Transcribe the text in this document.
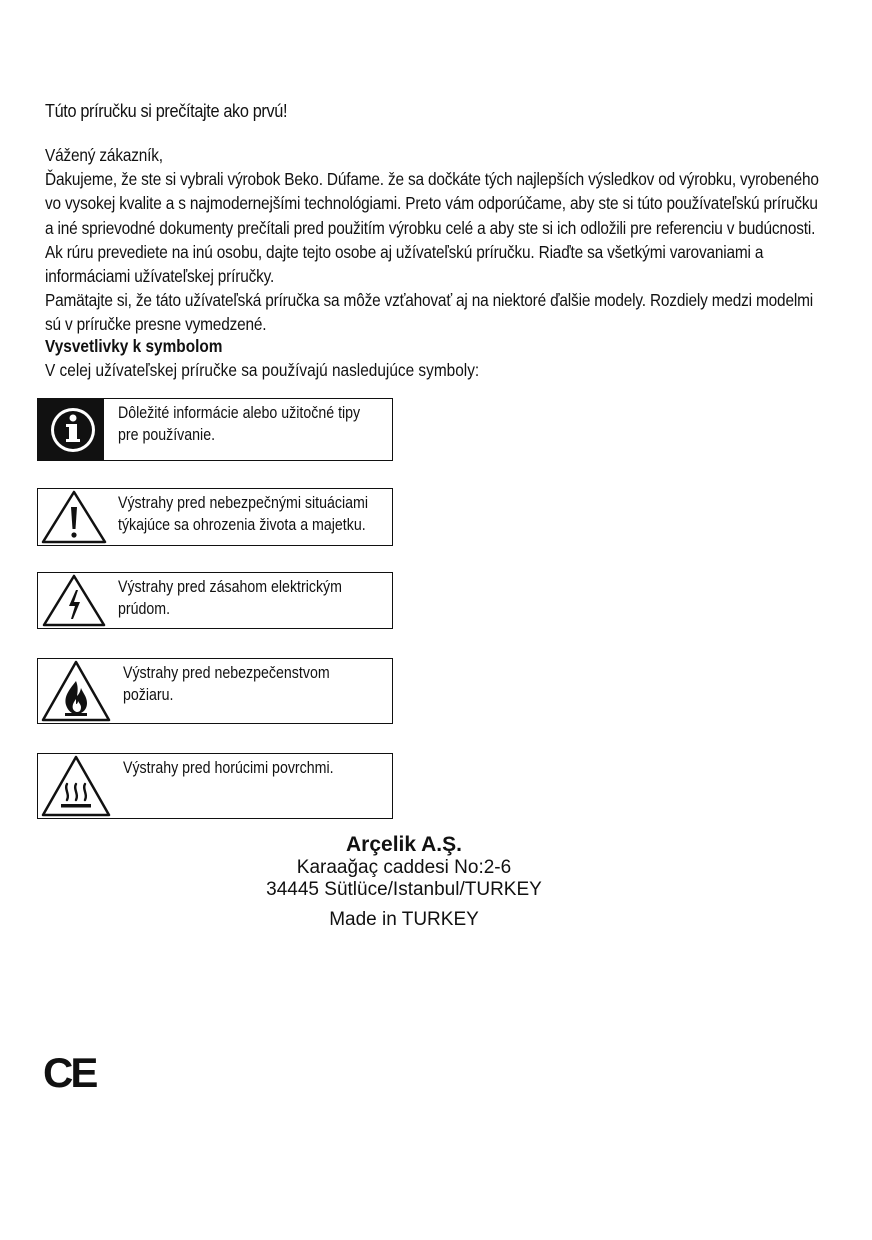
Túto príručku si prečítajte ako prvú!

Vážený zákazník,

Ďakujeme, že ste si vybrali výrobok Beko. Dúfame. že sa dočkáte tých najlepších výsledkov od výrobku, vyrobeného vo vysokej kvalite a s najmodernejšími technológiami. Preto vám odporúčame, aby ste si túto používateľskú príručku a iné sprievodné dokumenty prečítali pred použitím výrobku celé a aby ste si ich odložili pre referenciu v budúcnosti. Ak rúru prevediete na inú osobu, dajte tejto osobe aj užívateľskú príručku. Riaďte sa všetkými varovaniami a informáciami užívateľskej príručky.

Pamätajte si, že táto užívateľská príručka sa môže vzťahovať aj na niektoré ďalšie modely. Rozdiely medzi modelmi sú v príručke presne vymedzené.

Vysvetlivky k symbolom
V celej užívateľskej príručke sa používajú nasledujúce symboly:
Dôležité informácie alebo užitočné tipy
pre používanie.
Výstrahy pred nebezpečnými situáciami
týkajúce sa ohrozenia života a majetku.
Výstrahy pred zásahom elektrickým
prúdom.
Výstrahy pred nebezpečenstvom
požiaru.
Výstrahy pred horúcimi povrchmi.
Arçelik A.Ş.
Karaağaç caddesi No:2-6
34445 Sütlüce/Istanbul/TURKEY
Made in TURKEY
CE
